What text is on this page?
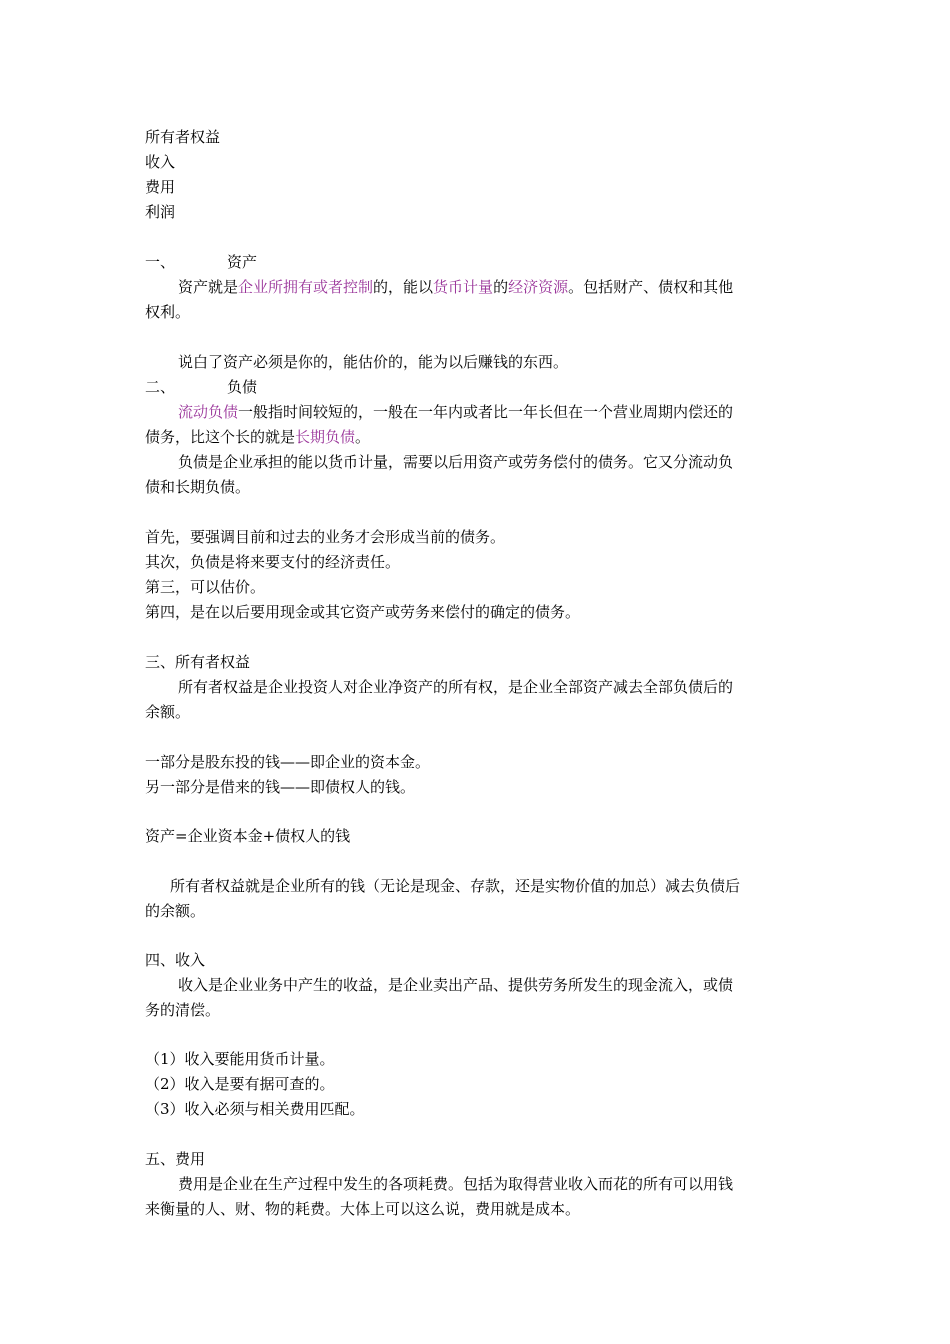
所有者权益
收入
费用
利润
一、	资产
资产就是企业所拥有或者控制的，能以货币计量的经济资源。包括财产、债权和其他
权利。
说白了资产必须是你的，能估价的，能为以后赚钱的东西。
二、	负债
流动负债一般指时间较短的，一般在一年内或者比一年长但在一个营业周期内偿还的
债务，比这个长的就是长期负债。
负债是企业承担的能以货币计量，需要以后用资产或劳务偿付的债务。它又分流动负
债和长期负债。
首先，要强调目前和过去的业务才会形成当前的债务。
其次，负债是将来要支付的经济责任。
第三，可以估价。
第四，是在以后要用现金或其它资产或劳务来偿付的确定的债务。
三、所有者权益
所有者权益是企业投资人对企业净资产的所有权，是企业全部资产减去全部负债后的
余额。
一部分是股东投的钱——即企业的资本金。
另一部分是借来的钱——即债权人的钱。
资产=企业资本金+债权人的钱
所有者权益就是企业所有的钱（无论是现金、存款，还是实物价值的加总）减去负债后
的余额。
四、收入
收入是企业业务中产生的收益，是企业卖出产品、提供劳务所发生的现金流入，或债
务的清偿。
（1）收入要能用货币计量。
（2）收入是要有据可查的。
（3）收入必须与相关费用匹配。
五、费用
费用是企业在生产过程中发生的各项耗费。包括为取得营业收入而花的所有可以用钱
来衡量的人、财、物的耗费。大体上可以这么说，费用就是成本。
